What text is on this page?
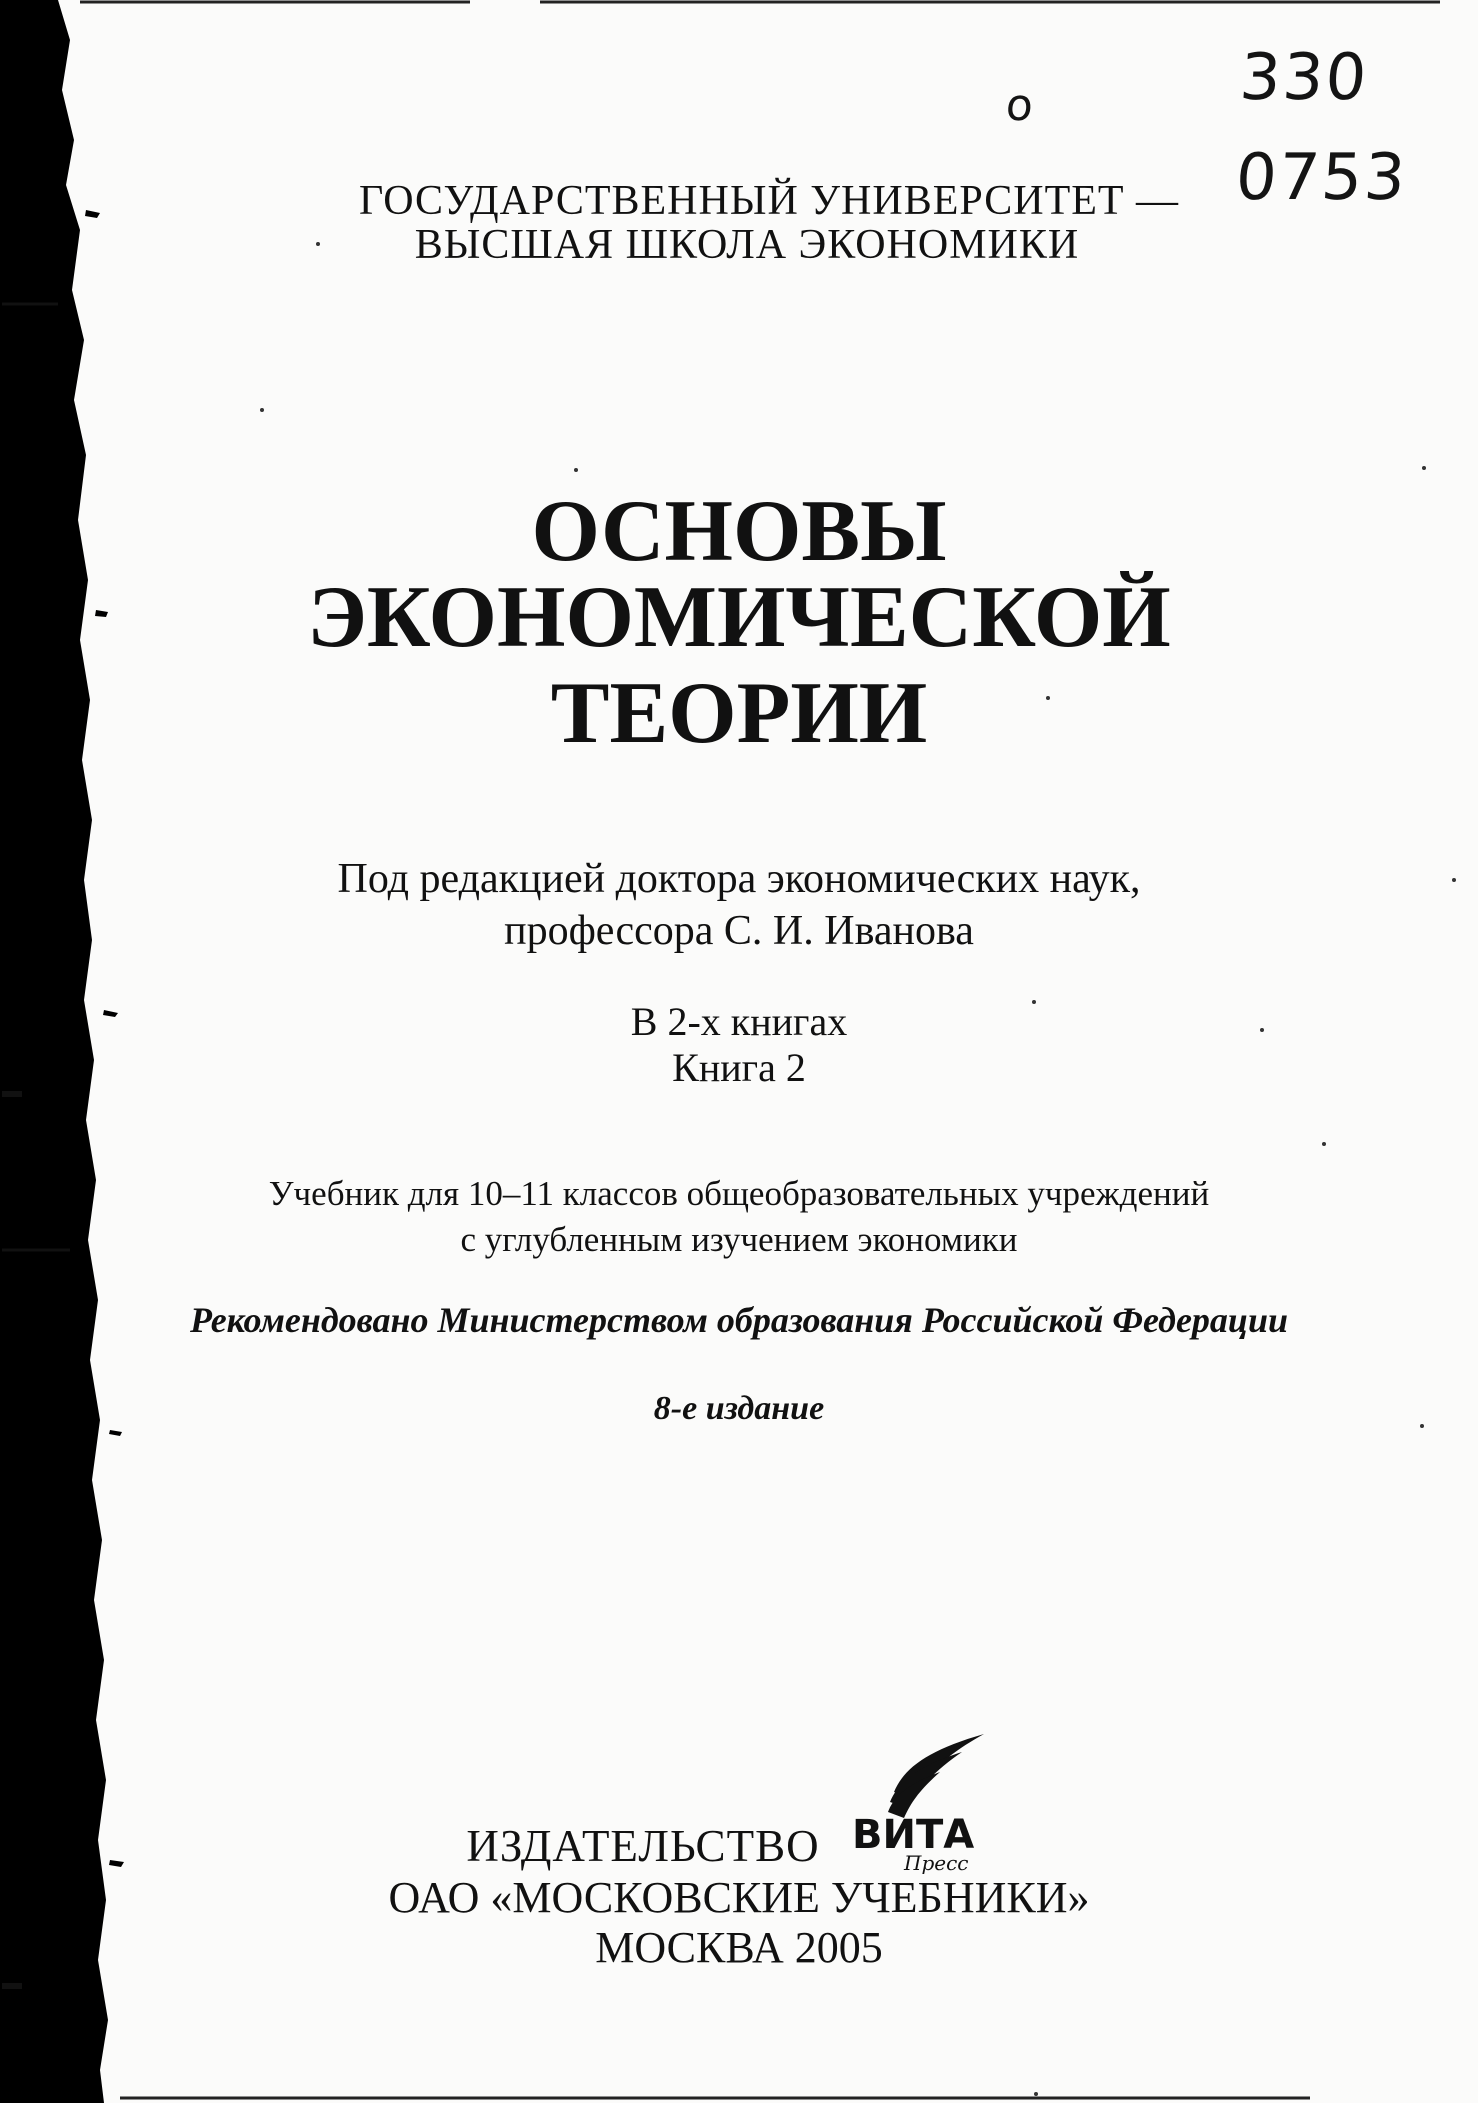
330
0753
o
ГОСУДАРСТВЕННЫЙ УНИВЕРСИТЕТ —
ВЫСШАЯ ШКОЛА ЭКОНОМИКИ
ОСНОВЫ
ЭКОНОМИЧЕСКОЙ
ТЕОРИИ
Под редакцией доктора экономических наук,
профессора С. И. Иванова
В 2-х книгах
Книга 2
Учебник для 10–11 классов общеобразовательных учреждений
с углубленным изучением экономики
Рекомендовано Министерством образования Российской Федерации
8-е издание
ИЗДАТЕЛЬСТВО ВИТА
Пресс
ОАО «МОСКОВСКИЕ УЧЕБНИКИ»
МОСКВА 2005
